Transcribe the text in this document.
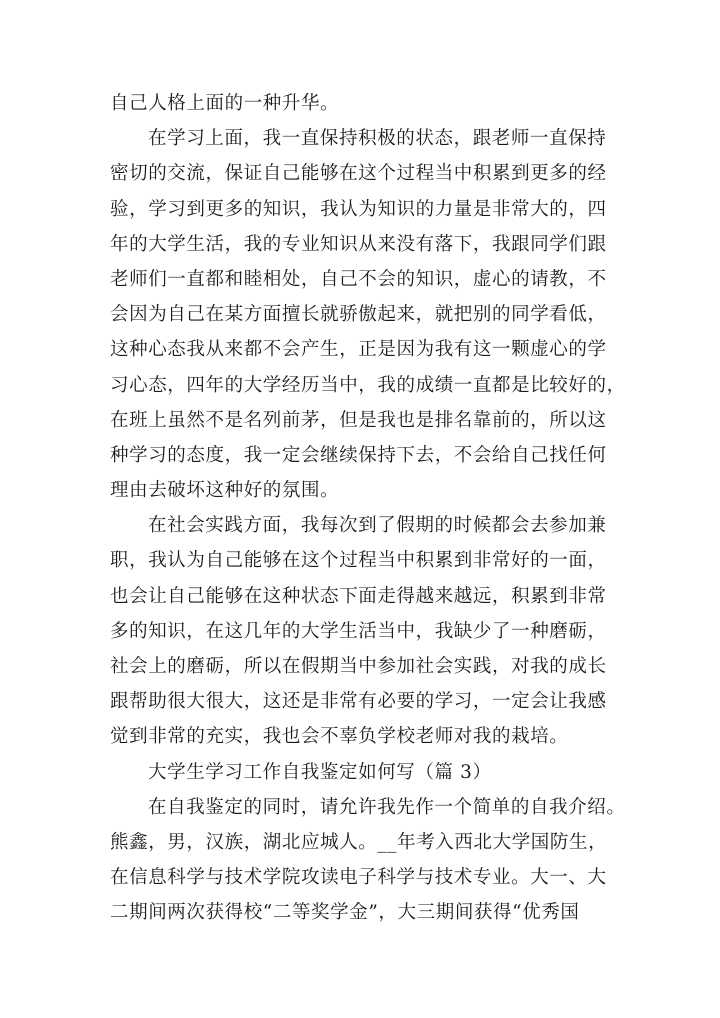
自己人格上面的一种升华。
在学习上面，我一直保持积极的状态，跟老师一直保持
密切的交流，保证自己能够在这个过程当中积累到更多的经
验，学习到更多的知识，我认为知识的力量是非常大的，四
年的大学生活，我的专业知识从来没有落下，我跟同学们跟
老师们一直都和睦相处，自己不会的知识，虚心的请教，不
会因为自己在某方面擅长就骄傲起来，就把别的同学看低，
这种心态我从来都不会产生，正是因为我有这一颗虚心的学
习心态，四年的大学经历当中，我的成绩一直都是比较好的，
在班上虽然不是名列前茅，但是我也是排名靠前的，所以这
种学习的态度，我一定会继续保持下去，不会给自己找任何
理由去破坏这种好的氛围。
在社会实践方面，我每次到了假期的时候都会去参加兼
职，我认为自己能够在这个过程当中积累到非常好的一面，
也会让自己能够在这种状态下面走得越来越远，积累到非常
多的知识，在这几年的大学生活当中，我缺少了一种磨砺，
社会上的磨砺，所以在假期当中参加社会实践，对我的成长
跟帮助很大很大，这还是非常有必要的学习，一定会让我感
觉到非常的充实，我也会不辜负学校老师对我的栽培。
大学生学习工作自我鉴定如何写（篇 3）
在自我鉴定的同时，请允许我先作一个简单的自我介绍。
熊鑫，男，汉族，湖北应城人。__年考入西北大学国防生，
在信息科学与技术学院攻读电子科学与技术专业。大一、大
二期间两次获得校“二等奖学金”，大三期间获得“优秀国
